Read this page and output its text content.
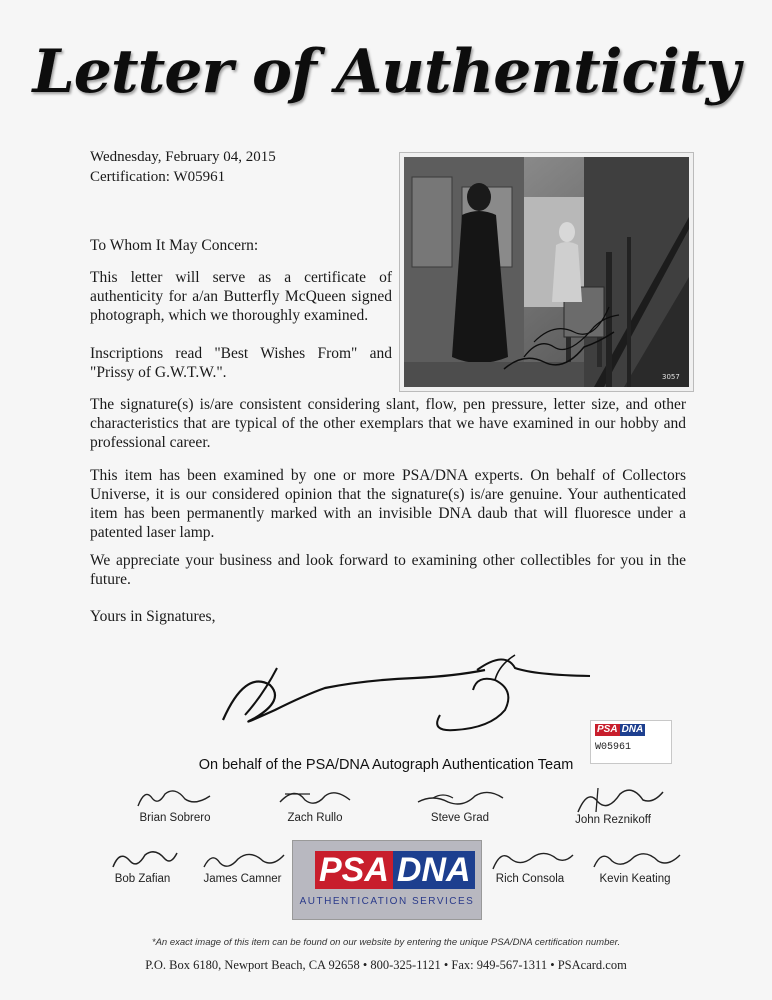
Letter of Authenticity
Wednesday, February 04, 2015
Certification: W05961
3057
To Whom It May Concern:

This letter will serve as a certificate of authenticity for a/an Butterfly McQueen signed photograph, which we thoroughly examined.

Inscriptions read "Best Wishes From" and "Prissy of G.W.T.W.".

The signature(s) is/are consistent considering slant, flow, pen pressure, letter size, and other characteristics that are typical of the other exemplars that we have examined in our hobby and professional career.

This item has been examined by one or more PSA/DNA experts. On behalf of Collectors Universe, it is our considered opinion that the signature(s) is/are genuine. Your authenticated item has been permanently marked with an invisible DNA daub that will fluoresce under a patented laser lamp.

We appreciate your business and look forward to examining other collectibles for you in the future.

Yours in Signatures,
PSA DNA
W05961
On behalf of the PSA/DNA Autograph Authentication Team
Brian Sobrero	Zach Rullo	Steve Grad	John Reznikoff
Bob Zafian	James Camner	Rich Consola	Kevin Keating
PSA DNA
AUTHENTICATION SERVICES
*An exact image of this item can be found on our website by entering the unique PSA/DNA certification number.
P.O. Box 6180, Newport Beach, CA 92658 • 800-325-1121 • Fax: 949-567-1311 • PSAcard.com
